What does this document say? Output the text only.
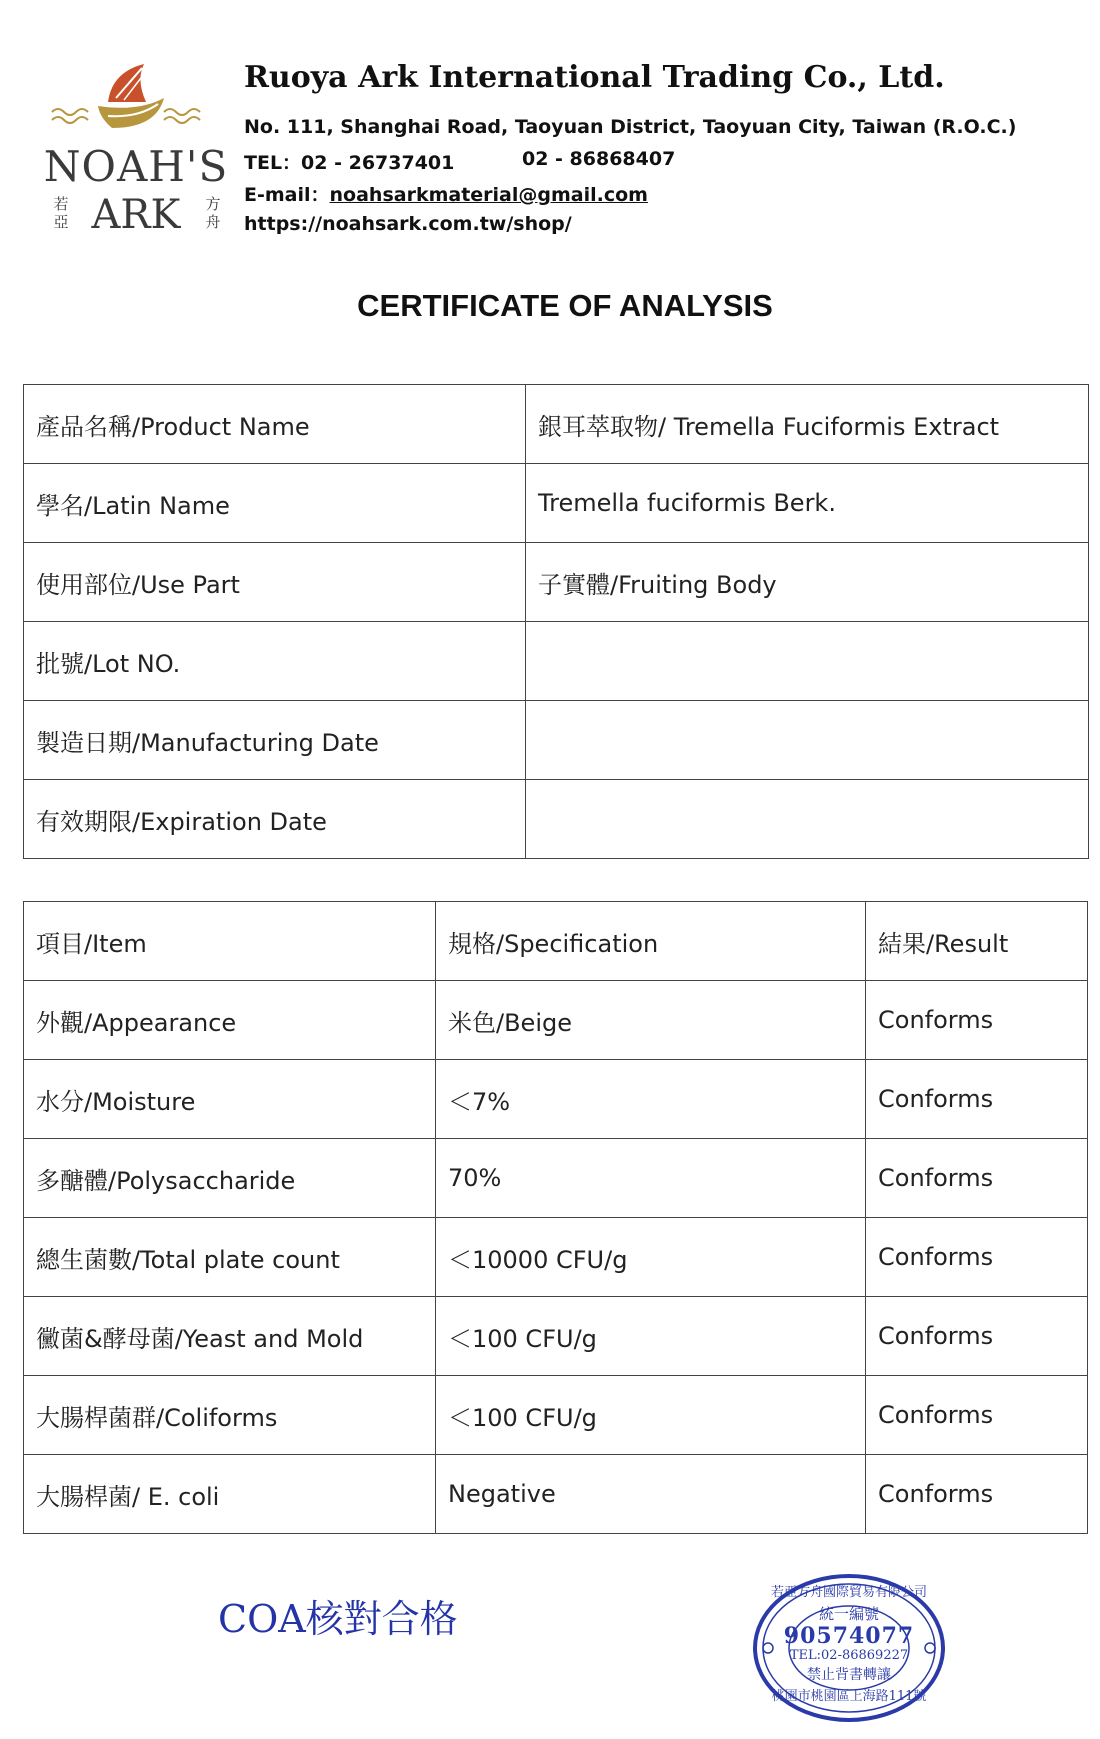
NOAH'S
若
亞 ARK	方
舟
Ruoya Ark International Trading Co., Ltd.
No. 111, Shanghai Road, Taoyuan District, Taoyuan City, Taiwan (R.O.C.)
TEL：02 - 26737401	02 - 86868407
E-mail：noahsarkmaterial@gmail.com
https://noahsark.com.tw/shop/
CERTIFICATE OF ANALYSIS
產品名稱/Product Name	銀耳萃取物/ Tremella Fuciformis Extract
學名/Latin Name	Tremella fuciformis Berk.
使用部位/Use Part	子實體/Fruiting Body
批號/Lot NO.	
製造日期/Manufacturing Date	
有效期限/Expiration Date	
項目/Item	規格/Specification	結果/Result
外觀/Appearance	米色/Beige	Conforms
水分/Moisture	＜7%	Conforms
多醣體/Polysaccharide	70%	Conforms
總生菌數/Total plate count	＜10000 CFU/g	Conforms
黴菌&酵母菌/Yeast and Mold	＜100 CFU/g	Conforms
大腸桿菌群/Coliforms	＜100 CFU/g	Conforms
大腸桿菌/ E. coli	Negative	Conforms
COA核對合格
若亞方舟國際貿易有限公司
統一編號
90574077
TEL:02-86869227
禁止背書轉讓
桃園市桃園區上海路111號
